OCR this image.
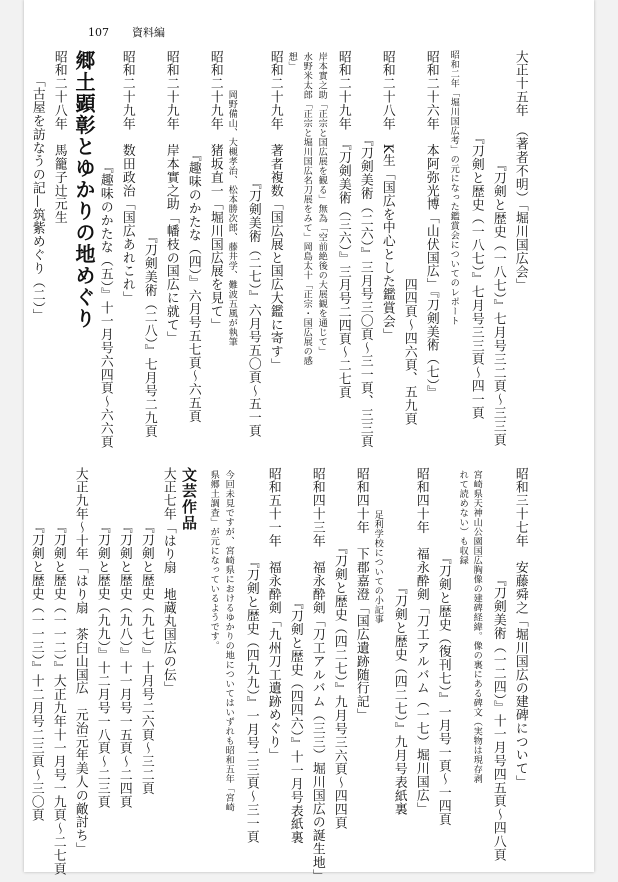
107 資料編
大正十五年　（著者不明）「堀川国広会」
『刀剣と歴史（一八七）』七月号三二頁〜三三頁
『刀剣と歴史（一八七）』七月号三三頁〜四一頁
昭和二年「堀川国広考」の元になった鑑賞会についてのレポート
昭和二十六年　本阿弥光博「山伏国広」『刀剣美術（七）』
四四頁〜四六頁、五九頁
昭和二十八年　K生「国広を中心とした鑑賞会」
『刀剣美術（二六）』三月号三〇頁〜三一頁、三三頁
昭和二十九年　『刀剣美術（三六）』三月号二四頁〜二七頁
岸本實之助「正宗と国広展を観る」無為「空前絶後の大展観を通じて」
水野米太郎「正宗と堀川国広名刀展をみて」岡島太十「正宗・国広展の感
想」
昭和二十九年　著者複数「国広展と国広大鑑に寄す」
『刀剣美術（二七）』六月号五〇頁〜五一頁
岡野備山、大槻孝治、松本勝次郎、藤井学、難波五風が執筆
昭和二十九年　猪坂直一「堀川国広展を見て」
『趣味のかたな（四）』六月号五七頁〜六五頁
昭和二十九年　岸本實之助「幡枝の国広に就て」
『刀剣美術（二八）』七月号二九頁
昭和二十九年　数田政治「国広あれこれ」
『趣味のかたな（五）』十一月号六四頁〜六六頁
郷土顕彰とゆかりの地めぐり
昭和二十八年　馬籠子辻元生
「古屋を訪なうの記—筑紫めぐり（二）」
昭和三十七年　安藤舜之「堀川国広の建碑について」
『刀剣美術（一二四）』十一月号四五頁〜四八頁
宮崎県天神山公園国広胸像の建碑経緯。像の裏にある碑文（実物は現存剥
れて読めない）も収録
『刀剣と歴史（復刊七）』一月号一頁〜一四頁
昭和四十年　福永酔剣「刀工アルバム（一七）堀川国広」
『刀剣と歴史（四二七）』九月号表紙裏
足利学校についての小記事
昭和四十年　下郡嘉澄「国広遺跡随行記」
『刀剣と歴史（四二七）』九月号三六頁〜四四頁
昭和四十三年　福永酔剣「刀工アルバム（三三）堀川国広の誕生地」
『刀剣と歴史（四四六）』十一月号表紙裏
昭和五十一年　福永酔剣「九州刀工遺跡めぐり」
『刀剣と歴史（四九九）』一月号二三頁〜三一頁
今回未見ですが、宮崎県におけるゆかりの地についてはいずれも昭和五年「宮崎
県郷土調査」が元になっているようです。
文芸作品
大正七年「はり扇　地蔵丸国広の伝」
『刀剣と歴史（九七）』十月号二六頁〜三二頁
『刀剣と歴史（九八）』十一月号一五頁〜二四頁
『刀剣と歴史（九九）』十二月号一八頁〜二三頁
大正九年〜十年「はり扇　茶臼山国広　元治元年美人の敵討ち」
『刀剣と歴史（一一二）』大正九年十一月号一九頁〜二七頁
『刀剣と歴史（一一三）』十二月号二三頁〜三〇頁
